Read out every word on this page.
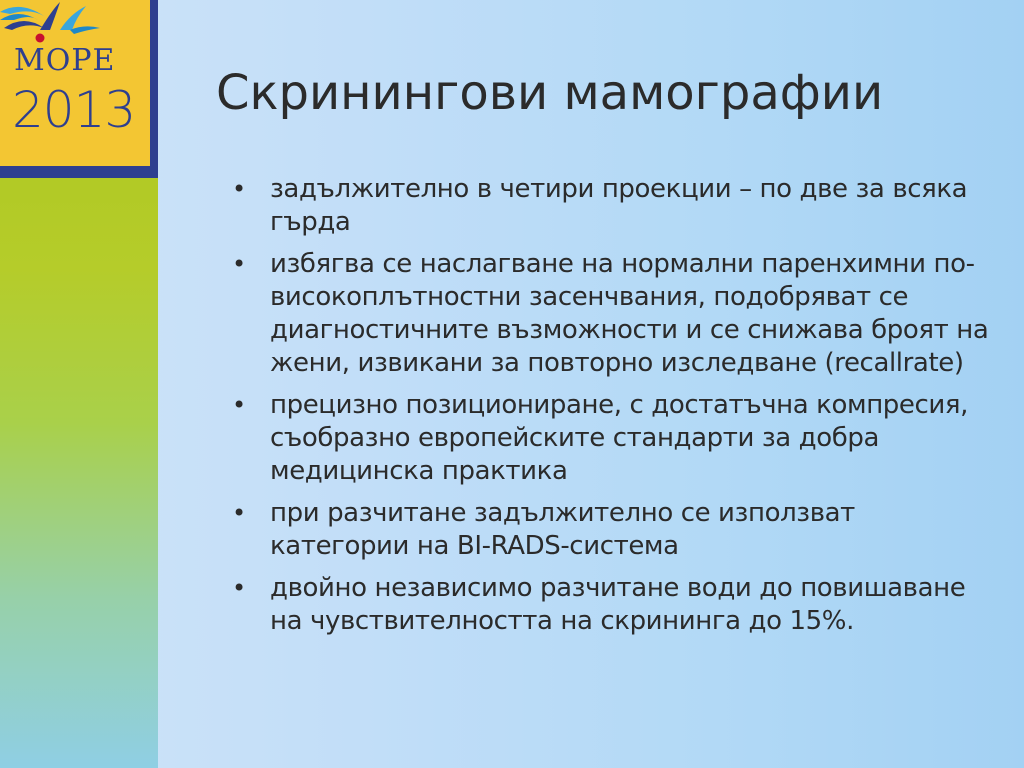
МОРЕ
2013 Скринингови мамографии
• задължително в четири проекции – по две за всяка гърда
• избягва се наслагване на нормални паренхимни по-високоплътностни засенчвания, подобряват се диагностичните възможности и се снижава броят на жени, извикани за повторно изследване (recallrate)
• прецизно позициониране, с достатъчна компресия, съобразно европейските стандарти за добра медицинска практика
• при разчитане задължително се използват категории на BI-RADS-система
• двойно независимо разчитане води до повишаване на чувствителността на скрининга до 15%.
